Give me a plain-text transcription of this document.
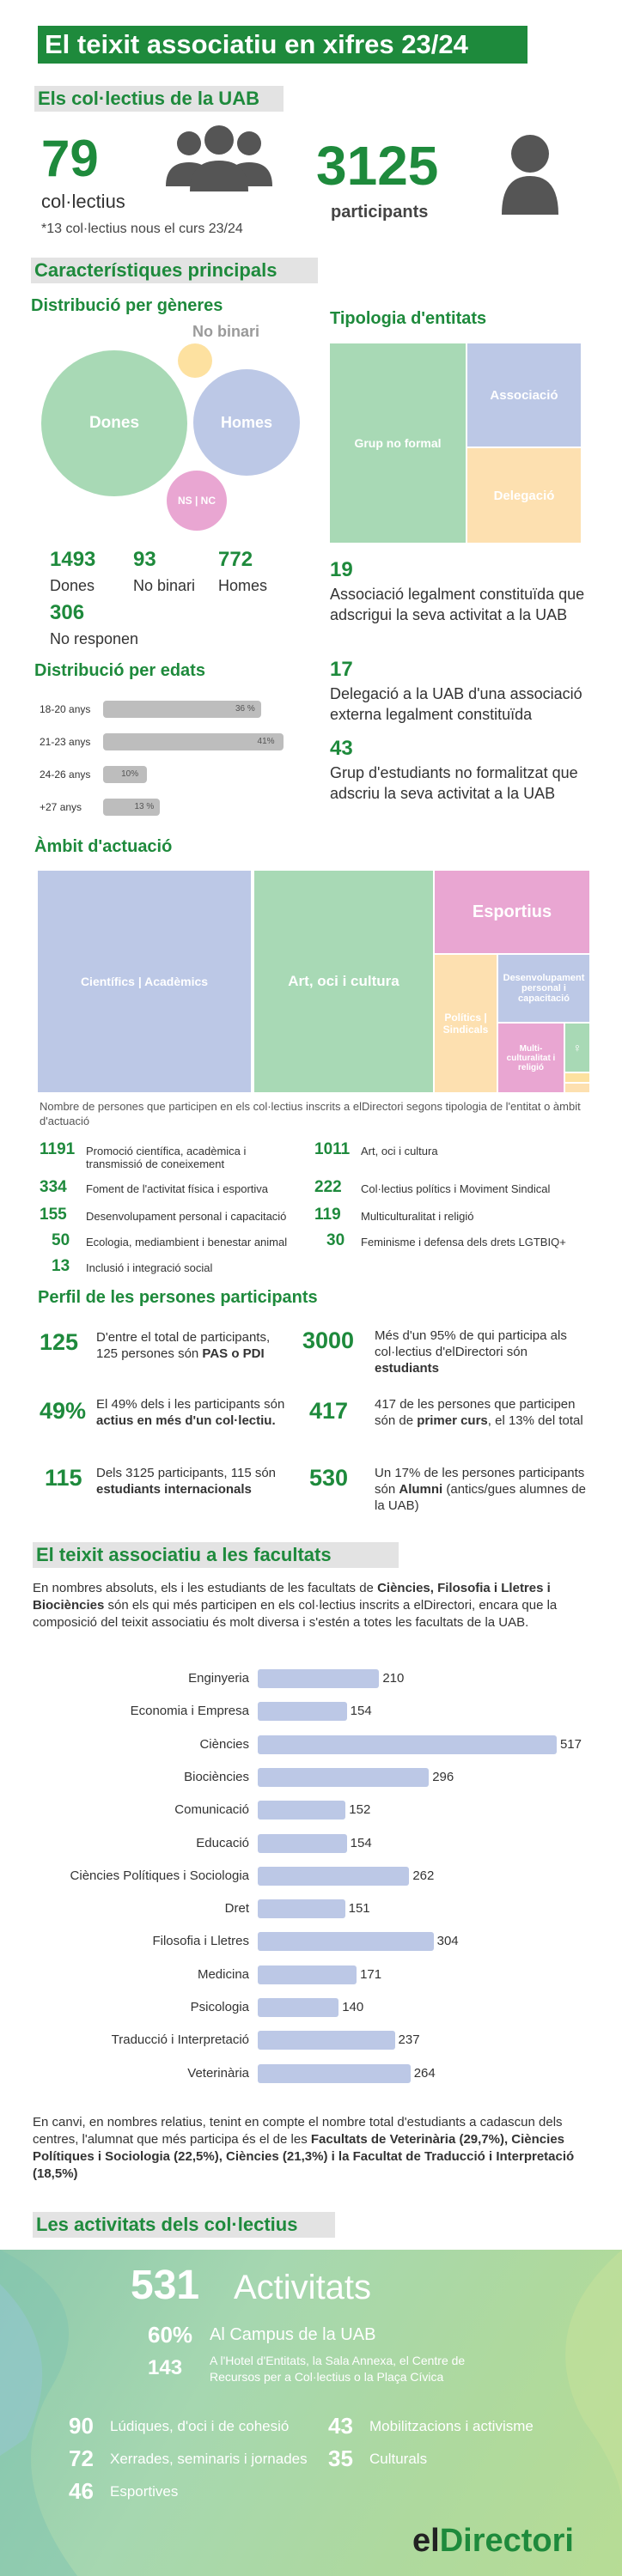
El teixit associatiu en xifres 23/24
Els col·lectius de la UAB
79
col·lectius
*13 col·lectius nous el curs 23/24
3125
participants
Característiques principals
Distribució per gèneres
Dones	Homes
No binari
NS | NC
1493
Dones
93
No binari
772
Homes
306
No responen
Tipologia d'entitats
Grup no formal
Associació
Delegació
19
Associació legalment constituïda que adscrigui la seva activitat a la UAB
17
Delegació a la UAB d'una associació externa legalment constituïda
43
Grup d'estudiants no formalitzat que adscriu la seva activitat a la UAB
Distribució per edats
18-20 anys	36 %
21-23 anys	41%
24-26 anys	10%
+27 anys	13 %
Àmbit d'actuació
Científics | Acadèmics	Art, oci i cultura
Esportius
Polítics | Sindicals
Desenvolupament personal i capacitació
Multi-culturalitat i religió
♀
Nombre de persones que participen en els col·lectius inscrits a elDirectori segons tipologia de l'entitat o àmbit d'actuació
1191 Promoció científica, acadèmica i transmissió de coneixement
1011 Art, oci i cultura
334 Foment de l'activitat física i esportiva	222 Col·lectius polítics i Moviment Sindical
155 Desenvolupament personal i capacitació	119 Multiculturalitat i religió
50 Ecologia, mediambient i benestar animal	30 Feminisme i defensa dels drets LGTBIQ+
13 Inclusió i integració social
Perfil de les persones participants
125 D'entre el total de participants, 125 persones són PAS o PDI
3000 Més d'un 95% de qui participa als col·lectius d'elDirectori són estudiants
49% El 49% dels i les participants són actius en més d'un col·lectiu.	417 417 de les persones que participen són de primer curs, el 13% del total
115 Dels 3125 participants, 115 són estudiants internacionals	530 Un 17% de les persones participants són Alumni (antics/gues alumnes de la UAB)
El teixit associatiu a les facultats
En nombres absoluts, els i les estudiants de les facultats de Ciències, Filosofia i Lletres i Biociències són els qui més participen en els col·lectius inscrits a elDirectori, encara que la composició del teixit associatiu és molt diversa i s'estén a totes les facultats de la UAB.
Enginyeria	210
Economia i Empresa	154
Ciències	517
Biociències	296
Comunicació	152
Educació	154
Ciències Polítiques i Sociologia	262
Dret	151
Filosofia i Lletres	304
Medicina	171
Psicologia	140
Traducció i Interpretació	237
Veterinària	264
En canvi, en nombres relatius, tenint en compte el nombre total d'estudiants a cadascun dels centres, l'alumnat que més participa és el de les Facultats de Veterinària (29,7%), Ciències Polítiques i Sociologia (22,5%), Ciències (21,3%) i la Facultat de Traducció i Interpretació (18,5%)
Les activitats dels col·lectius
531 Activitats
60% Al Campus de la UAB
143 A l'Hotel d'Entitats, la Sala Annexa, el Centre de Recursos per a Col·lectius o la Plaça Cívica
90 Lúdiques, d'oci i de cohesió 43 Mobilitzacions i activisme
72 Xerrades, seminaris i jornades 35 Culturals
46 Esportives
elDirectori
